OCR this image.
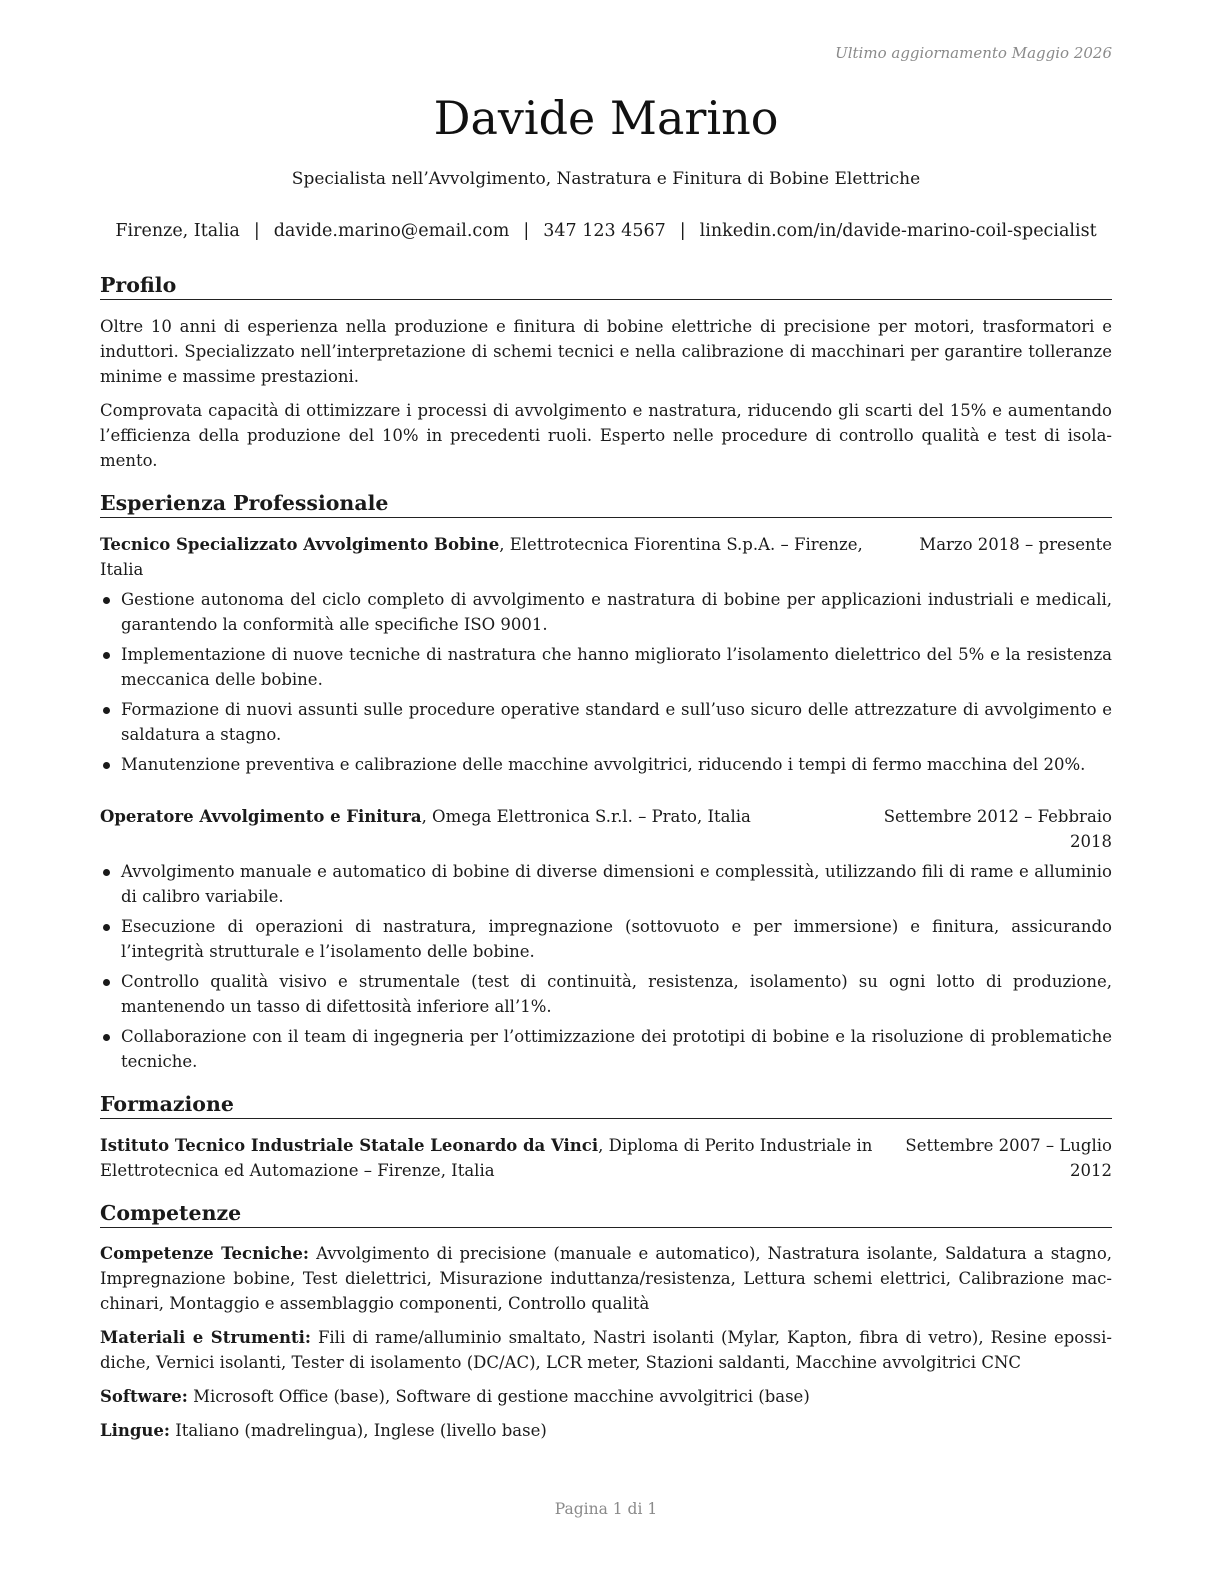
Ultimo aggiornamento Maggio 2026
Davide Marino
Specialista nell’Avvolgimento, Nastratura e Finitura di Bobine Elettriche
Firenze, Italia | davide.marino@email.com | 347 123 4567 | linkedin.com/in/davide-marino-coil-specialist
Profilo
Oltre 10 anni di esperienza nella produzione e finitura di bobine elettriche di precisione per motori, trasformatori e induttori. Specializzato nell’interpretazione di schemi tecnici e nella calibrazione di macchinari per garantire tolleranze minime e massime prestazioni.
Comprovata capacità di ottimizzare i processi di avvolgimento e nastratura, riducendo gli scarti del 15% e aumentando l’efficienza della produzione del 10% in precedenti ruoli. Esperto nelle procedure di controllo qualità e test di isola-mento.
Esperienza Professionale
Tecnico Specializzato Avvolgimento Bobine, Elettrotecnica Fiorentina S.p.A. – Firenze,
Italia
Marzo 2018 – presente
Gestione autonoma del ciclo completo di avvolgimento e nastratura di bobine per applicazioni industriali e medicali, garantendo la conformità alle specifiche ISO 9001.
Implementazione di nuove tecniche di nastratura che hanno migliorato l’isolamento dielettrico del 5% e la resistenza meccanica delle bobine.
Formazione di nuovi assunti sulle procedure operative standard e sull’uso sicuro delle attrezzature di avvolgimento e saldatura a stagno.
Manutenzione preventiva e calibrazione delle macchine avvolgitrici, riducendo i tempi di fermo macchina del 20%.
Operatore Avvolgimento e Finitura, Omega Elettronica S.r.l. – Prato, Italia	Settembre 2012 – Febbraio
2018
Avvolgimento manuale e automatico di bobine di diverse dimensioni e complessità, utilizzando fili di rame e alluminio di calibro variabile.
Esecuzione di operazioni di nastratura, impregnazione (sottovuoto e per immersione) e finitura, assicurando l’integrità strutturale e l’isolamento delle bobine.
Controllo qualità visivo e strumentale (test di continuità, resistenza, isolamento) su ogni lotto di produzione, mantenendo un tasso di difettosità inferiore all’1%.
Collaborazione con il team di ingegneria per l’ottimizzazione dei prototipi di bobine e la risoluzione di problematiche tecniche.
Formazione
Istituto Tecnico Industriale Statale Leonardo da Vinci, Diploma di Perito Industriale in
Elettrotecnica ed Automazione – Firenze, Italia
Settembre 2007 – Luglio
2012
Competenze
Competenze Tecniche: Avvolgimento di precisione (manuale e automatico), Nastratura isolante, Saldatura a stagno, Impregnazione bobine, Test dielettrici, Misurazione induttanza/resistenza, Lettura schemi elettrici, Calibrazione mac-chinari, Montaggio e assemblaggio componenti, Controllo qualità
Materiali e Strumenti: Fili di rame/alluminio smaltato, Nastri isolanti (Mylar, Kapton, fibra di vetro), Resine epossi-diche, Vernici isolanti, Tester di isolamento (DC/AC), LCR meter, Stazioni saldanti, Macchine avvolgitrici CNC
Software: Microsoft Office (base), Software di gestione macchine avvolgitrici (base)
Lingue: Italiano (madrelingua), Inglese (livello base)
Pagina 1 di 1
